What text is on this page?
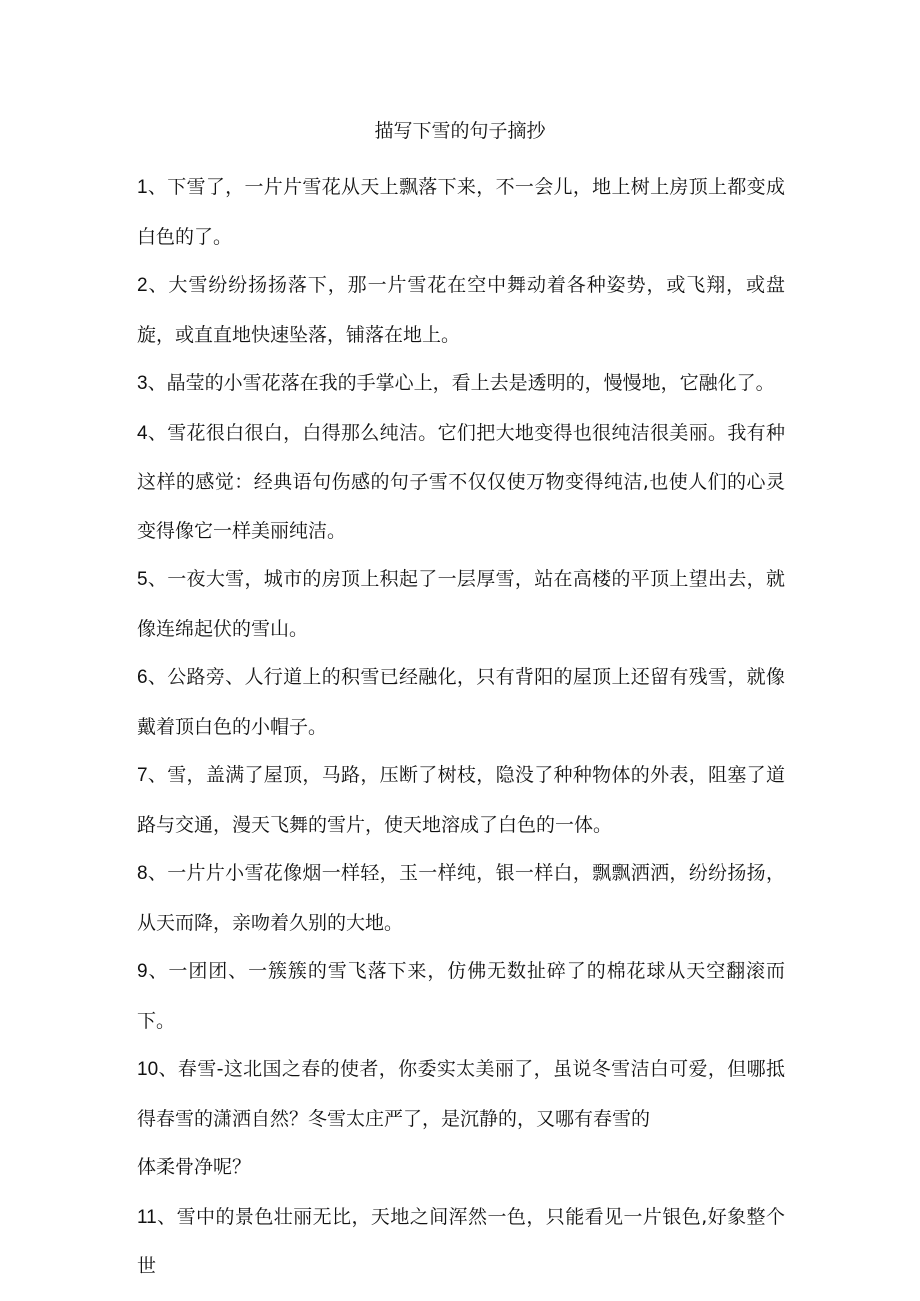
描写下雪的句子摘抄

1、下雪了，一片片雪花从天上飘落下来，不一会儿，地上树上房顶上都变成白色的了。

2、大雪纷纷扬扬落下，那一片雪花在空中舞动着各种姿势，或飞翔，或盘旋，或直直地快速坠落，铺落在地上。

3、晶莹的小雪花落在我的手掌心上，看上去是透明的，慢慢地，它融化了。

4、雪花很白很白，白得那么纯洁。它们把大地变得也很纯洁很美丽。我有种这样的感觉：经典语句伤感的句子雪不仅仅使万物变得纯洁,也使人们的心灵变得像它一样美丽纯洁。

5、一夜大雪，城市的房顶上积起了一层厚雪，站在高楼的平顶上望出去，就像连绵起伏的雪山。

6、公路旁、人行道上的积雪已经融化，只有背阳的屋顶上还留有残雪，就像戴着顶白色的小帽子。

7、雪，盖满了屋顶，马路，压断了树枝，隐没了种种物体的外表，阻塞了道路与交通，漫天飞舞的雪片，使天地溶成了白色的一体。

8、一片片小雪花像烟一样轻，玉一样纯，银一样白，飘飘洒洒，纷纷扬扬，从天而降，亲吻着久别的大地。

9、一团团、一簇簇的雪飞落下来，仿佛无数扯碎了的棉花球从天空翻滚而下。

10、春雪-这北国之春的使者，你委实太美丽了，虽说冬雪洁白可爱，但哪抵得春雪的潇洒自然？冬雪太庄严了，是沉静的，又哪有春雪的

体柔骨净呢？

11、雪中的景色壮丽无比，天地之间浑然一色，只能看见一片银色,好象整个世
